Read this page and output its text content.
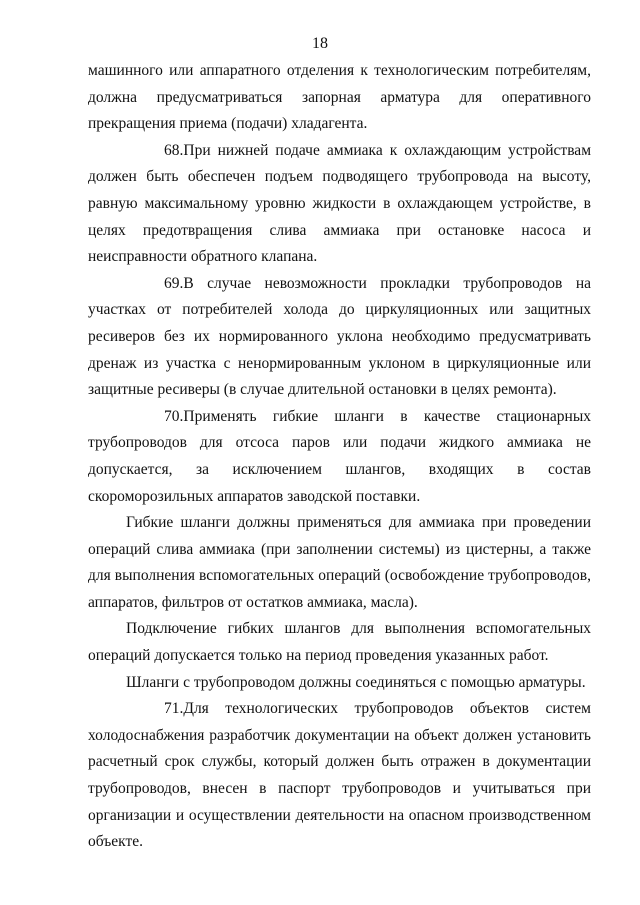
18

машинного или аппаратного отделения к технологическим потребителям, должна предусматриваться запорная арматура для оперативного прекращения приема (подачи) хладагента.

68.При нижней подаче аммиака к охлаждающим устройствам должен быть обеспечен подъем подводящего трубопровода на высоту, равную максимальному уровню жидкости в охлаждающем устройстве, в целях предотвращения слива аммиака при остановке насоса и неисправности обратного клапана.

69.В случае невозможности прокладки трубопроводов на участках от потребителей холода до циркуляционных или защитных ресиверов без их нормированного уклона необходимо предусматривать дренаж из участка с ненормированным уклоном в циркуляционные или защитные ресиверы (в случае длительной остановки в целях ремонта).

70.Применять гибкие шланги в качестве стационарных трубопроводов для отсоса паров или подачи жидкого аммиака не допускается, за исключением шлангов, входящих в состав скороморозильных аппаратов заводской поставки.

Гибкие шланги должны применяться для аммиака при проведении операций слива аммиака (при заполнении системы) из цистерны, а также для выполнения вспомогательных операций (освобождение трубопроводов, аппаратов, фильтров от остатков аммиака, масла).

Подключение гибких шлангов для выполнения вспомогательных операций допускается только на период проведения указанных работ.

Шланги с трубопроводом должны соединяться с помощью арматуры.

71.Для технологических трубопроводов объектов систем холодоснабжения разработчик документации на объект должен установить расчетный срок службы, который должен быть отражен в документации трубопроводов, внесен в паспорт трубопроводов и учитываться при организации и осуществлении деятельности на опасном производственном объекте.
